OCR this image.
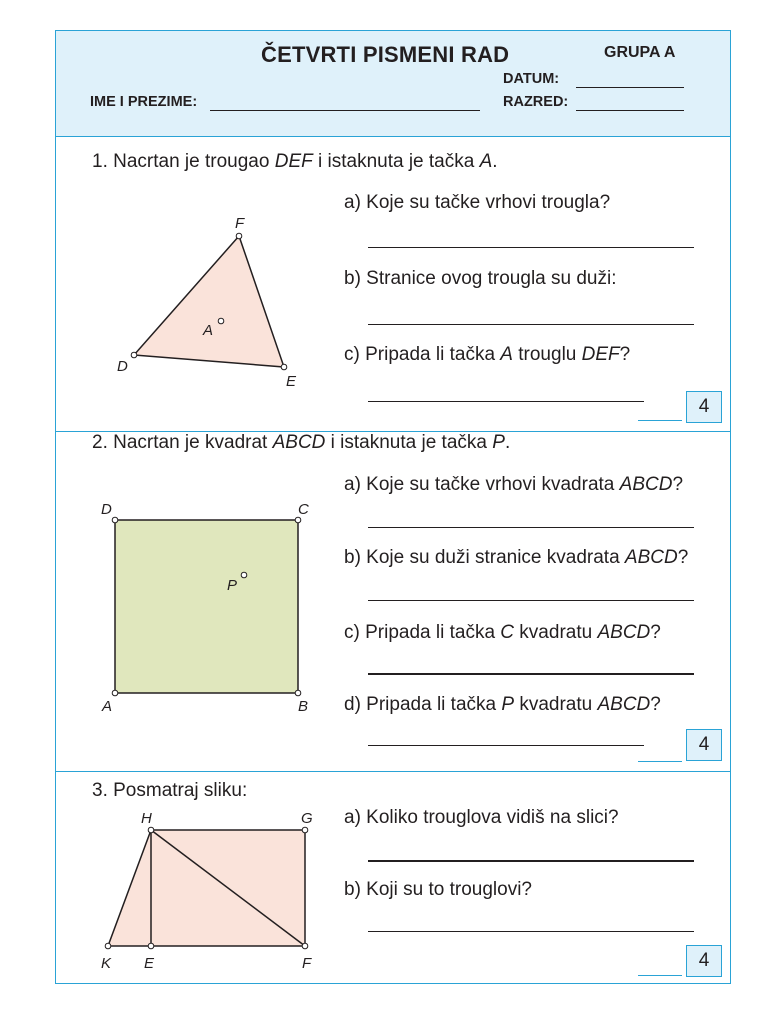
ČETVRTI PISMENI RAD	GRUPA A
DATUM:
IME I PREZIME:	RAZRED:
1. Nacrtan je trougao DEF i istaknuta je tačka A.
F
D
E
A
a) Koje su tačke vrhovi trougla?
b) Stranice ovog trougla su duži:
c) Pripada li tačka A trouglu DEF?
4
2. Nacrtan je kvadrat ABCD i istaknuta je tačka P.
D	C
A	B
P
a) Koje su tačke vrhovi kvadrata ABCD?
b) Koje su duži stranice kvadrata ABCD?
c) Pripada li tačka C kvadratu ABCD?
d) Pripada li tačka P kvadratu ABCD?
4
3. Posmatraj sliku:
H	G
K E	F
a) Koliko trouglova vidiš na slici?
b) Koji su to trouglovi?
4
